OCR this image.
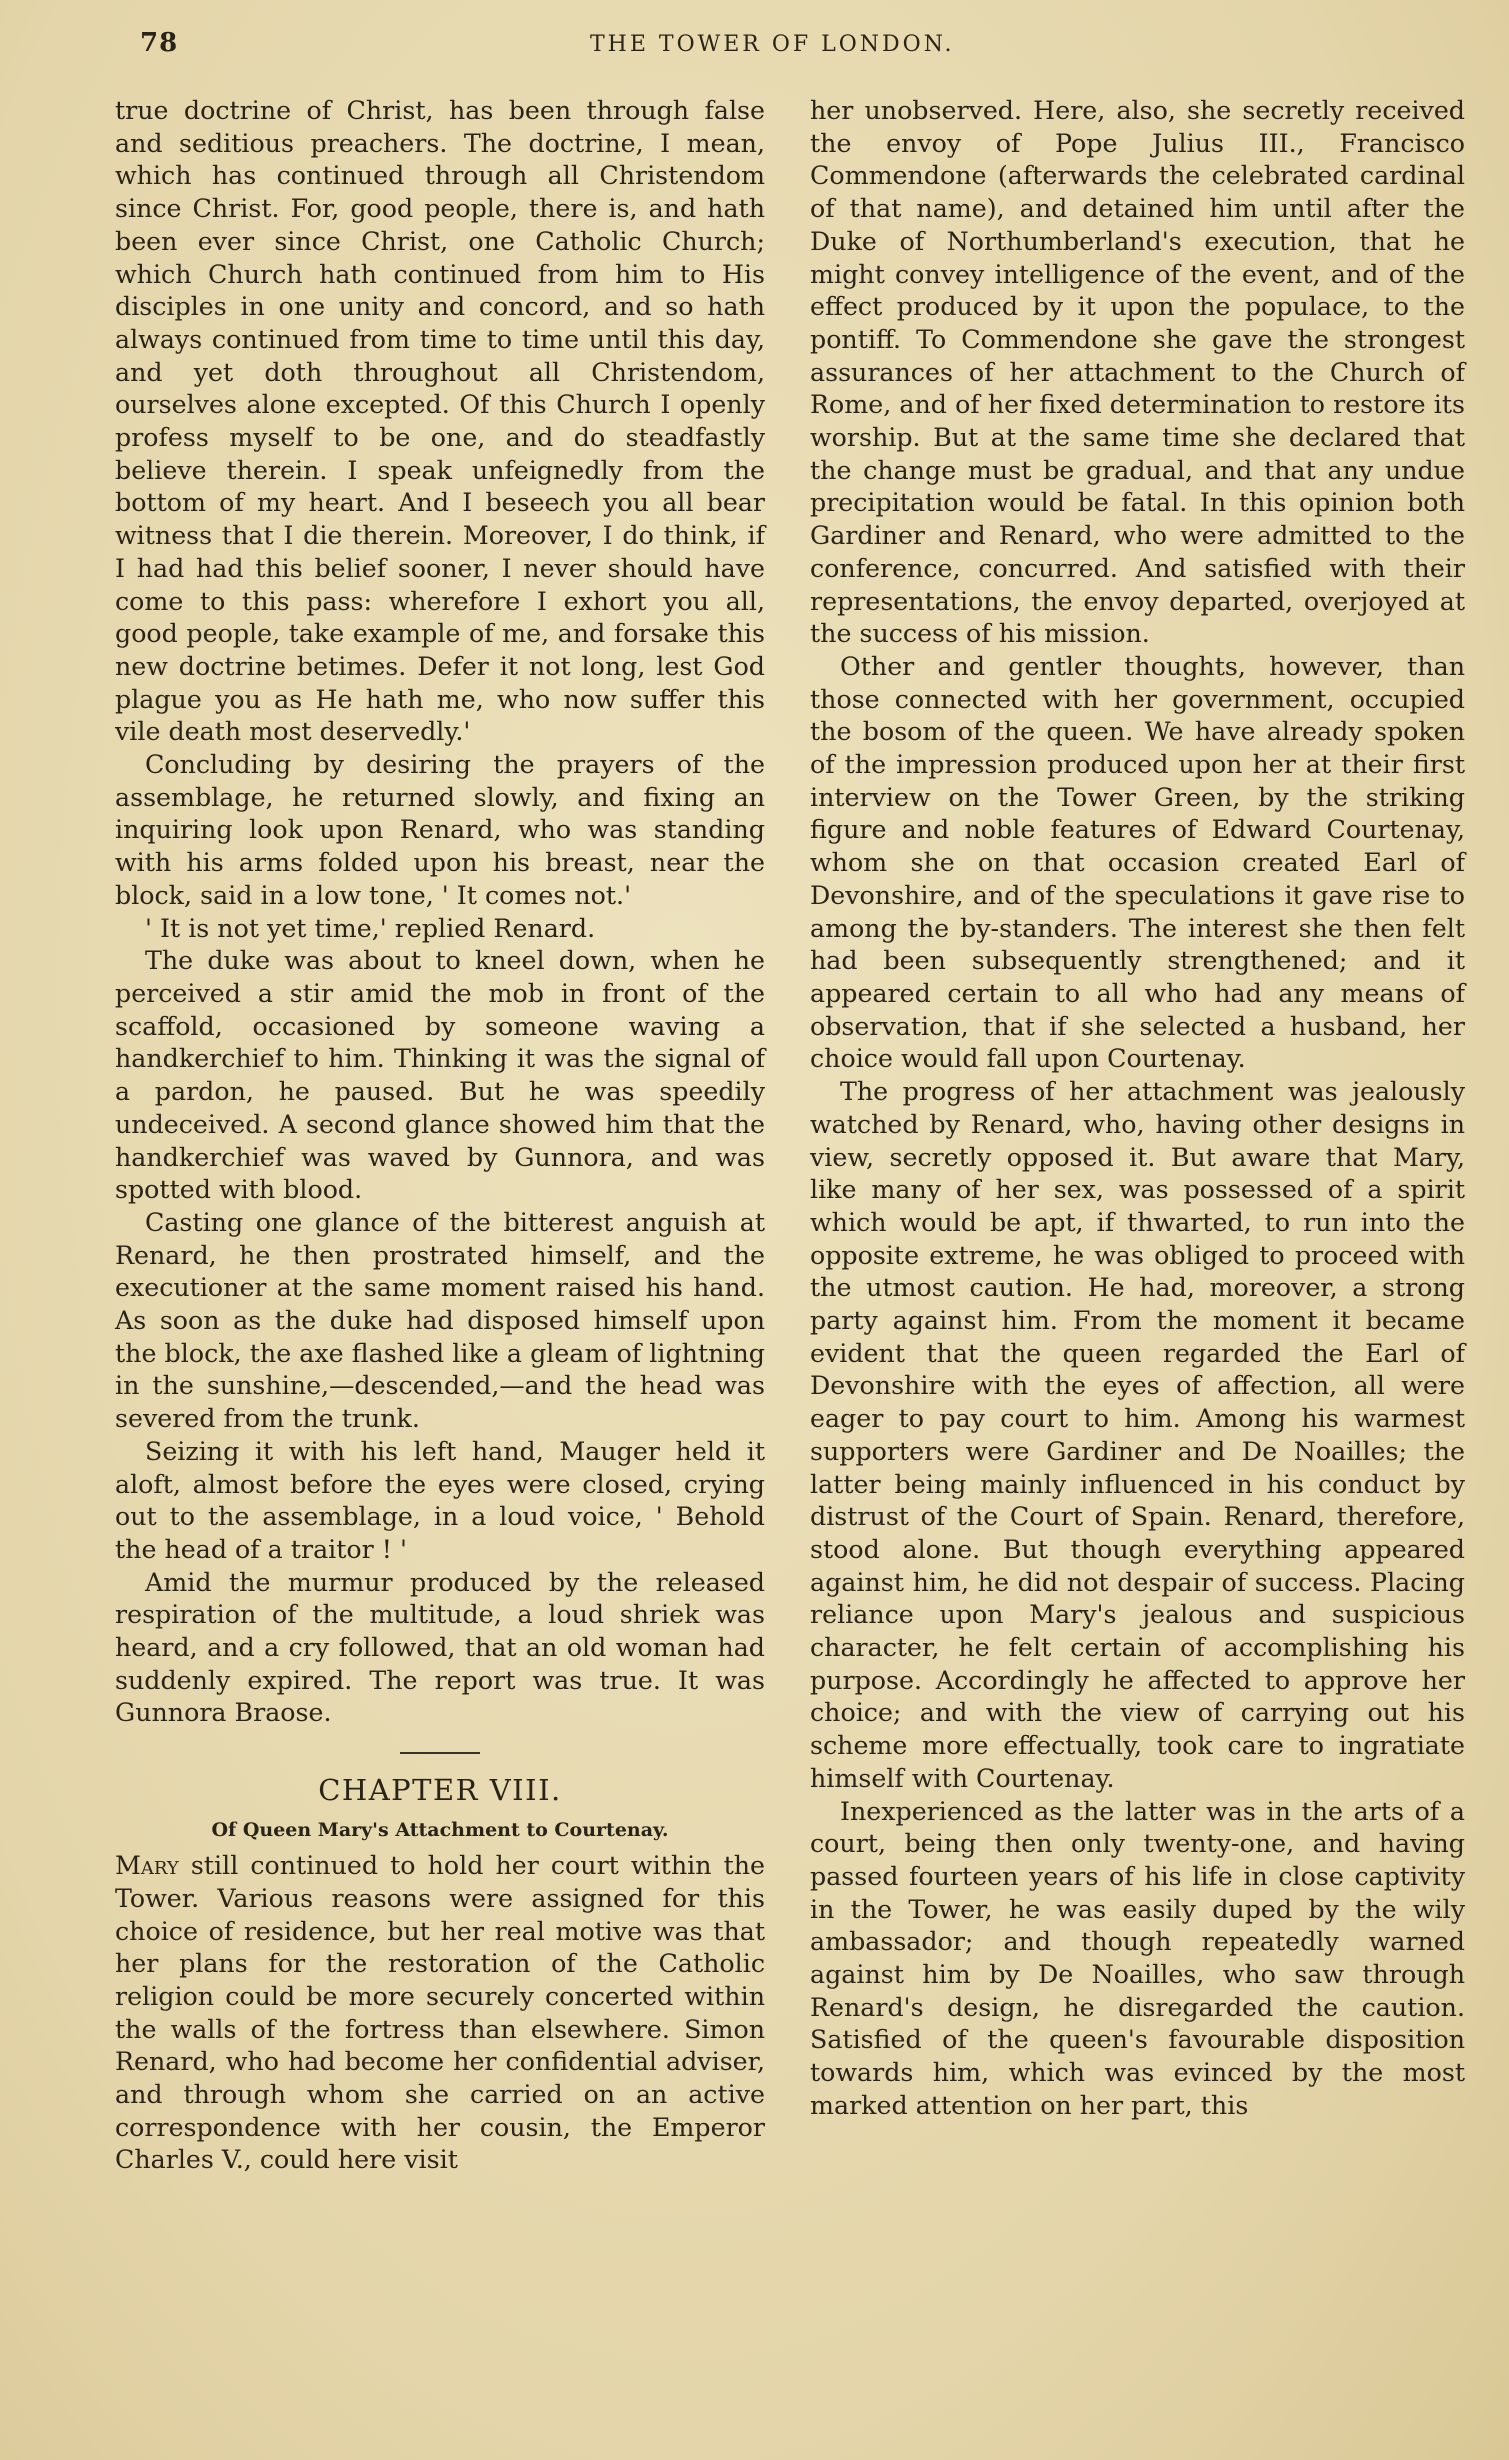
78	THE TOWER OF LONDON.

true doctrine of Christ, has been through false and seditious preachers. The doctrine, I mean, which has continued through all Christendom since Christ. For, good people, there is, and hath been ever since Christ, one Catholic Church; which Church hath continued from him to His disciples in one unity and concord, and so hath always continued from time to time until this day, and yet doth throughout all Christendom, ourselves alone excepted. Of this Church I openly profess myself to be one, and do steadfastly believe therein. I speak unfeignedly from the bottom of my heart. And I beseech you all bear witness that I die therein. Moreover, I do think, if I had had this belief sooner, I never should have come to this pass: wherefore I exhort you all, good people, take example of me, and forsake this new doctrine betimes. Defer it not long, lest God plague you as He hath me, who now suffer this vile death most deservedly.'

Concluding by desiring the prayers of the assemblage, he returned slowly, and fixing an inquiring look upon Renard, who was standing with his arms folded upon his breast, near the block, said in a low tone, ' It comes not.'

' It is not yet time,' replied Renard.

The duke was about to kneel down, when he perceived a stir amid the mob in front of the scaffold, occasioned by someone waving a handkerchief to him. Thinking it was the signal of a pardon, he paused. But he was speedily undeceived. A second glance showed him that the handkerchief was waved by Gunnora, and was spotted with blood.

Casting one glance of the bitterest anguish at Renard, he then prostrated himself, and the executioner at the same moment raised his hand. As soon as the duke had disposed himself upon the block, the axe flashed like a gleam of lightning in the sunshine,—descended,—and the head was severed from the trunk.

Seizing it with his left hand, Mauger held it aloft, almost before the eyes were closed, crying out to the assemblage, in a loud voice, ' Behold the head of a traitor ! '

Amid the murmur produced by the released respiration of the multitude, a loud shriek was heard, and a cry followed, that an old woman had suddenly expired. The report was true. It was Gunnora Braose.

CHAPTER VIII.
Of Queen Mary's Attachment to Courtenay.

Mary still continued to hold her court within the Tower. Various reasons were assigned for this choice of residence, but her real motive was that her plans for the restoration of the Catholic religion could be more securely concerted within the walls of the fortress than elsewhere. Simon Renard, who had become her confidential adviser, and through whom she carried on an active correspondence with her cousin, the Emperor Charles V., could here visit

her unobserved. Here, also, she secretly received the envoy of Pope Julius III., Francisco Commendone (afterwards the celebrated cardinal of that name), and detained him until after the Duke of Northumberland's execution, that he might convey intelligence of the event, and of the effect produced by it upon the populace, to the pontiff. To Commendone she gave the strongest assurances of her attachment to the Church of Rome, and of her fixed determination to restore its worship. But at the same time she declared that the change must be gradual, and that any undue precipitation would be fatal. In this opinion both Gardiner and Renard, who were admitted to the conference, concurred. And satisfied with their representations, the envoy departed, overjoyed at the success of his mission.

Other and gentler thoughts, however, than those connected with her government, occupied the bosom of the queen. We have already spoken of the impression produced upon her at their first interview on the Tower Green, by the striking figure and noble features of Edward Courtenay, whom she on that occasion created Earl of Devonshire, and of the speculations it gave rise to among the by-standers. The interest she then felt had been subsequently strengthened; and it appeared certain to all who had any means of observation, that if she selected a husband, her choice would fall upon Courtenay.

The progress of her attachment was jealously watched by Renard, who, having other designs in view, secretly opposed it. But aware that Mary, like many of her sex, was possessed of a spirit which would be apt, if thwarted, to run into the opposite extreme, he was obliged to proceed with the utmost caution. He had, moreover, a strong party against him. From the moment it became evident that the queen regarded the Earl of Devonshire with the eyes of affection, all were eager to pay court to him. Among his warmest supporters were Gardiner and De Noailles; the latter being mainly influenced in his conduct by distrust of the Court of Spain. Renard, therefore, stood alone. But though everything appeared against him, he did not despair of success. Placing reliance upon Mary's jealous and suspicious character, he felt certain of accomplishing his purpose. Accordingly he affected to approve her choice; and with the view of carrying out his scheme more effectually, took care to ingratiate himself with Courtenay.

Inexperienced as the latter was in the arts of a court, being then only twenty-one, and having passed fourteen years of his life in close captivity in the Tower, he was easily duped by the wily ambassador; and though repeatedly warned against him by De Noailles, who saw through Renard's design, he disregarded the caution. Satisfied of the queen's favourable disposition towards him, which was evinced by the most marked attention on her part, this
